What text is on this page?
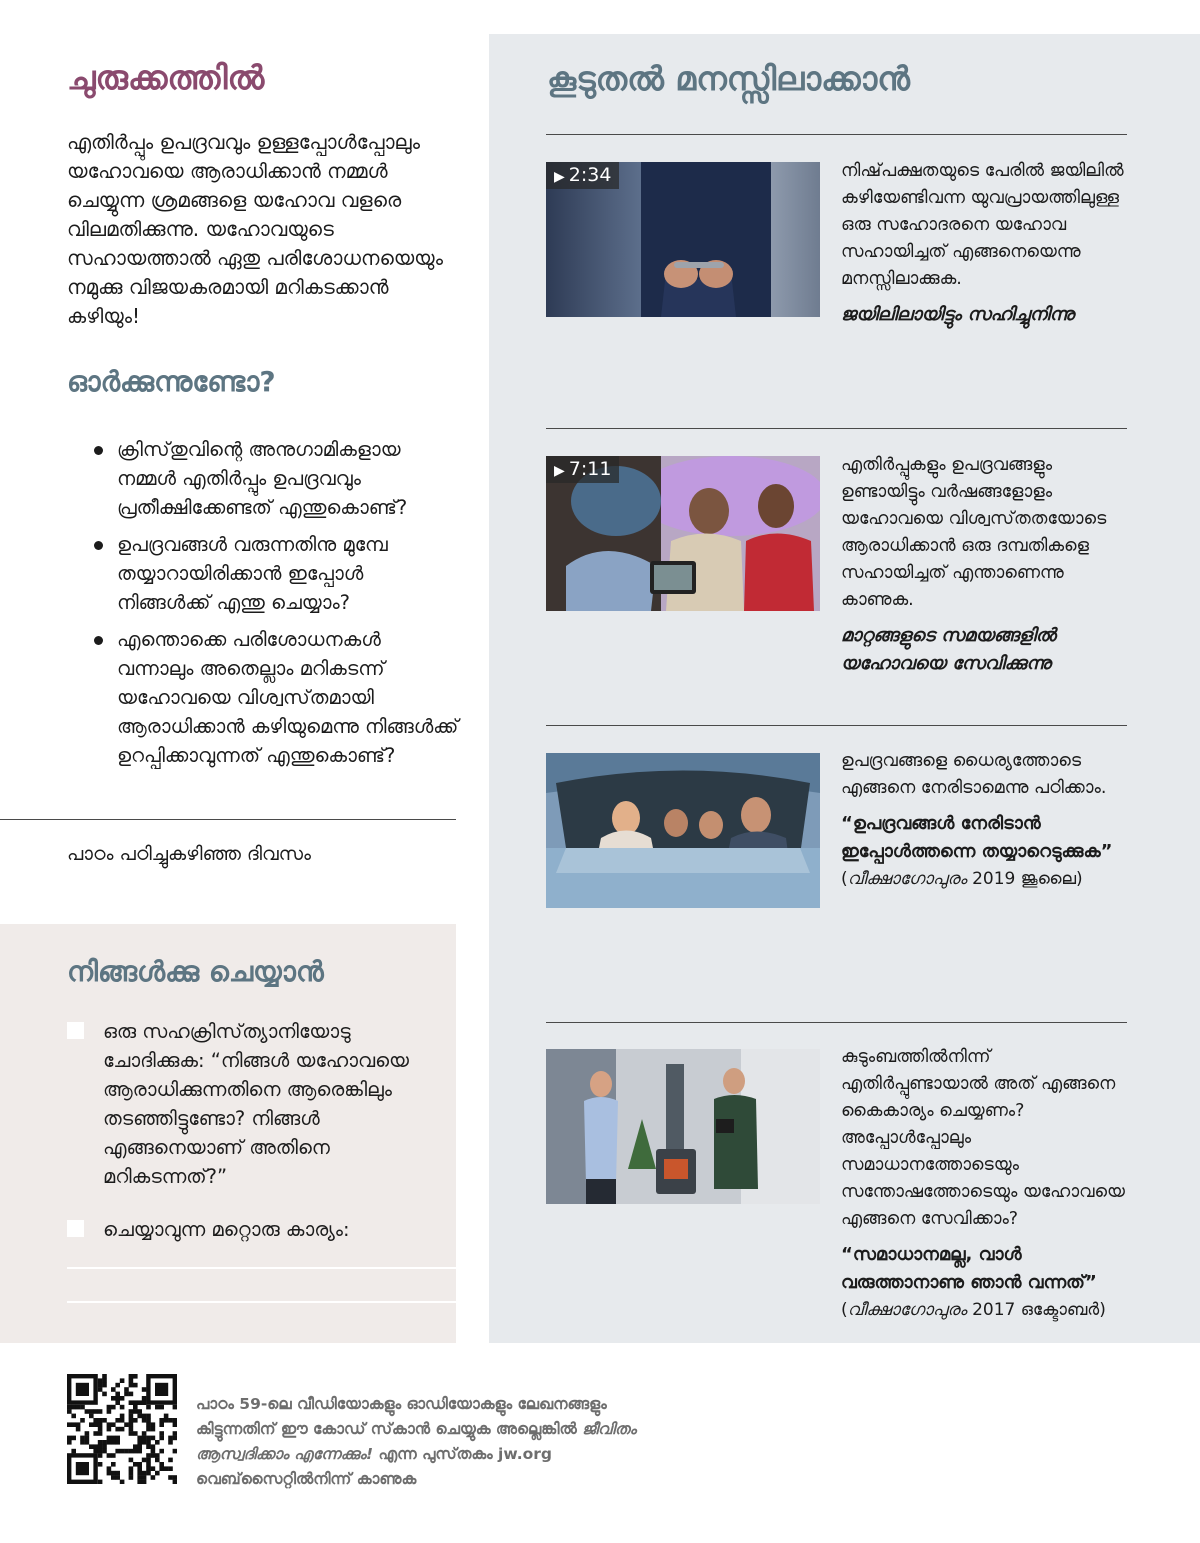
ചുരുക്കത്തിൽ

എതിർപ്പും ഉപദ്രവവും ഉള്ളപ്പോൾപ്പോലും യഹോവയെ ആരാധിക്കാൻ നമ്മൾ ചെയ്യുന്ന ശ്രമങ്ങളെ യഹോവ വളരെ വിലമതിക്കുന്നു. യഹോവയുടെ സഹായത്താൽ ഏതു പരിശോധനയെയും നമുക്കു വിജയകരമായി മറികടക്കാൻ കഴിയും!

ഓർക്കുന്നുണ്ടോ?
ക്രിസ്‌തുവിന്റെ അനുഗാമികളായ നമ്മൾ എതിർപ്പും ഉപദ്രവവും പ്രതീക്ഷിക്കേണ്ടത്‌ എന്തുകൊണ്ട്‌?
ഉപദ്രവങ്ങൾ വരുന്നതിനു മുമ്പേ തയ്യാറായിരിക്കാൻ ഇപ്പോൾ നിങ്ങൾക്ക്‌ എന്തു ചെയ്യാം?
എന്തൊക്കെ പരിശോധനകൾ വന്നാലും അതെല്ലാം മറികടന്ന്‌ യഹോവയെ വിശ്വസ്‌തമായി ആരാധിക്കാൻ കഴിയുമെന്നു നിങ്ങൾക്ക്‌ ഉറപ്പിക്കാവുന്നത്‌ എന്തുകൊണ്ട്‌?
പാഠം പഠിച്ചുകഴിഞ്ഞ ദിവസം
നിങ്ങൾക്കു ചെയ്യാൻ
ഒരു സഹക്രിസ്‌ത്യാനിയോടു ചോദിക്കുക: “നിങ്ങൾ യഹോവയെ ആരാധിക്കുന്നതിനെ ആരെങ്കിലും തടഞ്ഞിട്ടുണ്ടോ? നിങ്ങൾ എങ്ങനെയാണ്‌ അതിനെ മറികടന്നത്‌?”
ചെയ്യാവുന്ന മറ്റൊരു കാര്യം:
കൂടുതൽ മനസ്സിലാക്കാൻ
▶ 2:34	നിഷ്‌പക്ഷതയുടെ പേരിൽ ജയിലിൽ കഴിയേണ്ടിവന്ന യുവപ്രായത്തിലുള്ള ഒരു സഹോദരനെ യഹോവ സഹായിച്ചത്‌ എങ്ങനെയെന്നു മനസ്സിലാക്കുക.
ജയിലിലായിട്ടും സഹിച്ചുനിന്നു
▶ 7:11	എതിർപ്പുകളും ഉപദ്രവങ്ങളും ഉണ്ടായിട്ടും വർഷങ്ങളോളം യഹോവയെ വിശ്വസ്‌തതയോടെ ആരാധിക്കാൻ ഒരു ദമ്പതികളെ സഹായിച്ചത്‌ എന്താണെന്നു കാണുക.
മാറ്റങ്ങളുടെ സമയങ്ങളിൽ യഹോവയെ സേവിക്കുന്നു
ഉപദ്രവങ്ങളെ ധൈര്യത്തോടെ എങ്ങനെ നേരിടാമെന്നു പഠിക്കാം.
“ഉപദ്രവങ്ങൾ നേരിടാൻ ഇപ്പോൾത്തന്നെ തയ്യാറെടുക്കുക”
(വീക്ഷാഗോപുരം 2019 ജൂലൈ)
കുടുംബത്തിൽനിന്ന്‌ എതിർപ്പുണ്ടായാൽ അത്‌ എങ്ങനെ കൈകാര്യം ചെയ്യണം? അപ്പോൾപ്പോലും സമാധാനത്തോടെയും സന്തോഷത്തോടെയും യഹോവയെ എങ്ങനെ സേവിക്കാം?
“സമാധാനമല്ല, വാൾ വരുത്താനാണു ഞാൻ വന്നത്‌”
(വീക്ഷാഗോപുരം 2017 ഒക്ടോബർ)
പാഠം 59-ലെ വീഡിയോകളും ഓഡിയോകളും ലേഖനങ്ങളും കിട്ടുന്നതിന്‌ ഈ കോഡ്‌ സ്‌കാൻ ചെയ്യുക അല്ലെങ്കിൽ ജീവിതം ആസ്വദിക്കാം എന്നേക്കും! എന്ന പുസ്‌തകം jw.org വെബ്‌സൈറ്റിൽനിന്ന്‌ കാണുക
